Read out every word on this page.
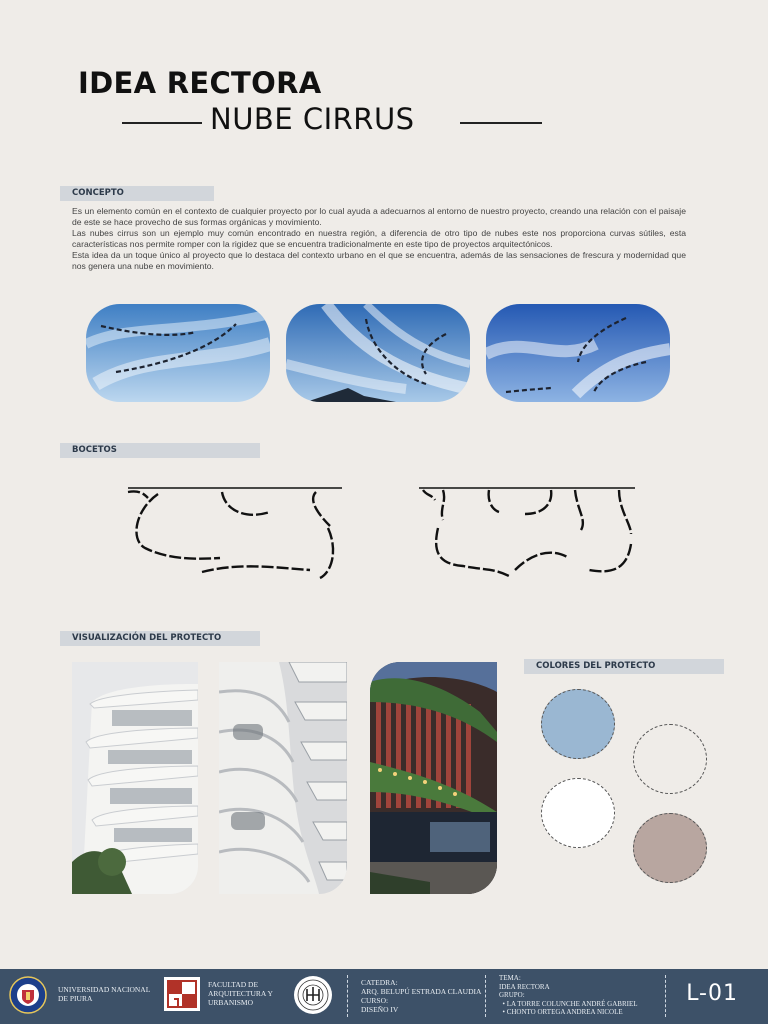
IDEA RECTORA
NUBE CIRRUS
CONCEPTO

Es un elemento común en el contexto de cualquier proyecto por lo cual ayuda a adecuarnos al entorno de nuestro proyecto, creando una relación con el paisaje de este se hace provecho de sus formas orgánicas y movimiento.

Las nubes cirrus son un ejemplo muy común encontrado en nuestra región, a diferencia de otro tipo de nubes este nos proporciona curvas sútiles, esta características nos permite romper con la rigidez que se encuentra tradicionalmente en este tipo de proyectos arquitectónicos.

Esta idea da un toque único al proyecto que lo destaca del contexto urbano en el que se encuentra, además de las sensaciones de frescura y modernidad que nos genera una nube en movimiento.

BOCETOS
VISUALIZACIÓN DEL PROTECTO
COLORES DEL PROTECTO
UNIVERSIDAD NACIONAL
DE PIURA
FACULTAD DE
ARQUITECTURA Y
URBANISMO
CATEDRA:
ARQ. BELUPÚ ESTRADA CLAUDIA
CURSO:
DISEÑO IV
TEMA:
IDEA RECTORA
GRUPO:
• LA TORRE COLUNCHE ANDRÉ GABRIEL
• CHONTO ORTEGA ANDREA NICOLE
L-01
